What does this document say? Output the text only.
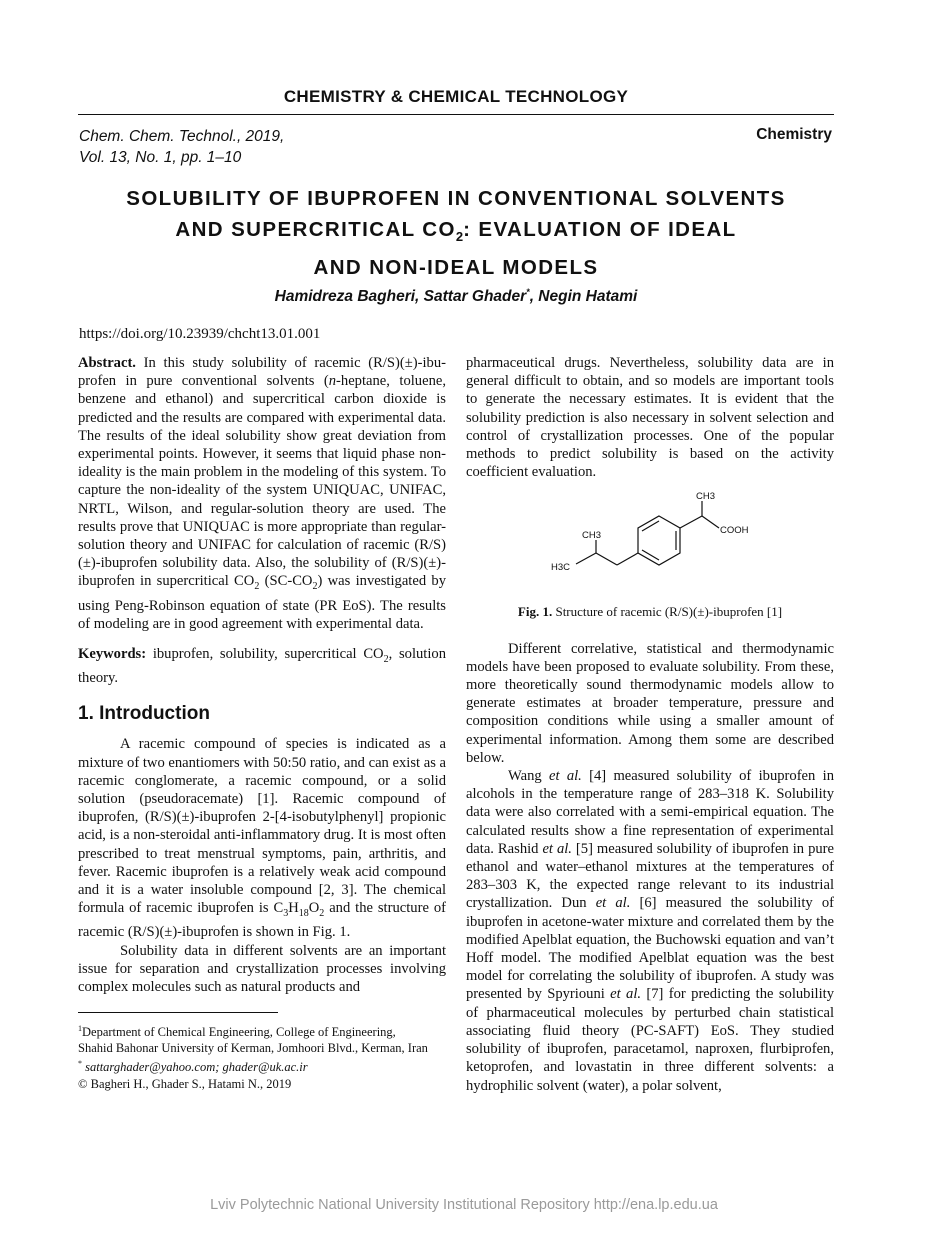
CHEMISTRY & CHEMICAL TECHNOLOGY
Chem. Chem. Technol., 2019,
Vol. 13, No. 1, pp. 1–10
Chemistry
SOLUBILITY OF IBUPROFEN IN CONVENTIONAL SOLVENTS
AND SUPERCRITICAL $CO_2$: EVALUATION OF IDEAL
AND NON-IDEAL MODELS
Hamidreza Bagheri, Sattar Ghader*, Negin Hatami
https://doi.org/10.23939/chcht13.01.001

Abstract. In this study solubility of racemic (R/S)(±)-ibu-profen in pure conventional solvents (n-heptane, toluene, benzene and ethanol) and supercritical carbon dioxide is predicted and the results are compared with experimental data. The results of the ideal solubility show great deviation from experimental points. However, it seems that liquid phase non-ideality is the main problem in the modeling of this system. To capture the non-ideality of the system UNIQUAC, UNIFAC, NRTL, Wilson, and regular-solution theory are used. The results prove that UNIQUAC is more appropriate than regular-solution theory and UNIFAC for calculation of racemic (R/S)(±)-ibuprofen solubility data. Also, the solubility of (R/S)(±)-ibuprofen in supercritical $CO_2$ $(SC-CO_2)$ was investigated by using Peng-Robinson equation of state (PR EoS). The results of modeling are in good agreement with experimental data.

Keywords: ibuprofen, solubility, supercritical $CO_2$, solution theory.

1. Introduction

A racemic compound of species is indicated as a mixture of two enantiomers with 50:50 ratio, and can exist as a racemic conglomerate, a racemic compound, or a solid solution (pseudoracemate) [1]. Racemic compound of ibuprofen, (R/S)(±)-ibuprofen 2-[4-isobutylphenyl] propionic acid, is a non-steroidal anti-inflammatory drug. It is most often prescribed to treat menstrual symptoms, pain, arthritis, and fever. Racemic ibuprofen is a relatively weak acid compound and it is a water insoluble compound [2, 3]. The chemical formula of racemic ibuprofen is $C_3H_{18}O_2$ and the structure of racemic (R/S)(±)-ibuprofen is shown in Fig. 1.

Solubility data in different solvents are an important issue for separation and crystallization processes involving complex molecules such as natural products and

$^1$Department of Chemical Engineering, College of Engineering,
Shahid Bahonar University of Kerman, Jomhoori Blvd., Kerman, Iran
* sattarghader@yahoo.com; ghader@uk.ac.ir
© Bagheri H., Ghader S., Hatami N., 2019

pharmaceutical drugs. Nevertheless, solubility data are in general difficult to obtain, and so models are important tools to generate the necessary estimates. It is evident that the solubility prediction is also necessary in solvent selection and control of crystallization processes. One of the popular methods to predict solubility is based on the activity coefficient evaluation.

CH3
COOH
CH3
H3C

Fig. 1. Structure of racemic (R/S)(±)-ibuprofen [1]

Different correlative, statistical and thermodynamic models have been proposed to evaluate solubility. From these, more theoretically sound thermodynamic models allow to generate estimates at broader temperature, pressure and composition conditions while using a smaller amount of experimental information. Among them some are described below.

Wang et al. [4] measured solubility of ibuprofen in alcohols in the temperature range of 283–318 K. Solubility data were also correlated with a semi-empirical equation. The calculated results show a fine representation of experimental data. Rashid et al. [5] measured solubility of ibuprofen in pure ethanol and water–ethanol mixtures at the temperatures of 283–303 K, the expected range relevant to its industrial crystallization. Dun et al. [6] measured the solubility of ibuprofen in acetone-water mixture and correlated them by the modified Apelblat equation, the Buchowski equation and van’t Hoff model. The modified Apelblat equation was the best model for correlating the solubility of ibuprofen. A study was presented by Spyriouni et al. [7] for predicting the solubility of pharmaceutical molecules by perturbed chain statistical associating fluid theory (PC-SAFT) EoS. They studied solubility of ibuprofen, paracetamol, naproxen, flurbiprofen, ketoprofen, and lovastatin in three different solvents: a hydrophilic solvent (water), a polar solvent,

Lviv Polytechnic National University Institutional Repository http://ena.lp.edu.ua
